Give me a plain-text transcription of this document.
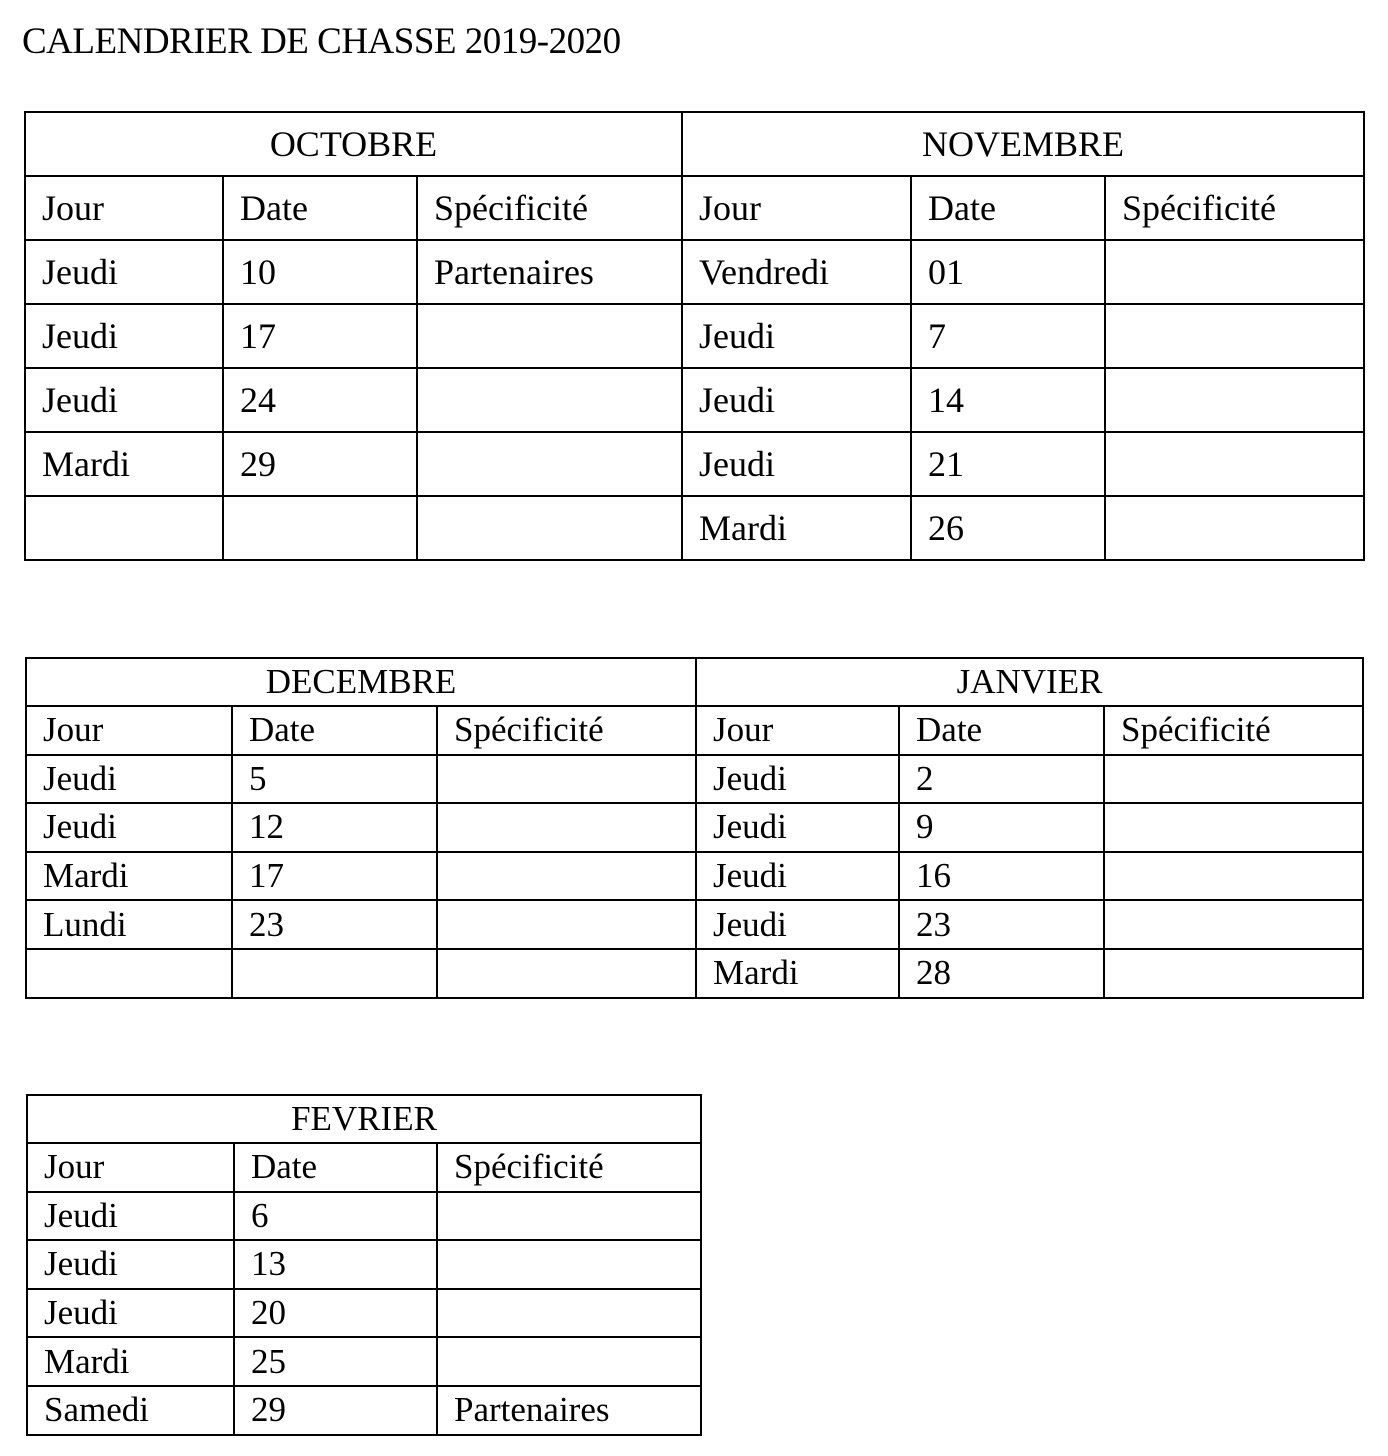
CALENDRIER DE CHASSE 2019-2020
OCTOBRE			NOVEMBRE		
Jour	Date	Spécificité	Jour	Date	Spécificité
Jeudi	10	Partenaires	Vendredi	01	
Jeudi	17		Jeudi	7	
Jeudi	24		Jeudi	14	
Mardi	29		Jeudi	21	
			Mardi	26	
DECEMBRE			JANVIER		
Jour	Date	Spécificité	Jour	Date	Spécificité
Jeudi	5		Jeudi	2	
Jeudi	12		Jeudi	9	
Mardi	17		Jeudi	16	
Lundi	23		Jeudi	23	
			Mardi	28	
FEVRIER		
Jour	Date	Spécificité
Jeudi	6	
Jeudi	13	
Jeudi	20	
Mardi	25	
Samedi	29	Partenaires
